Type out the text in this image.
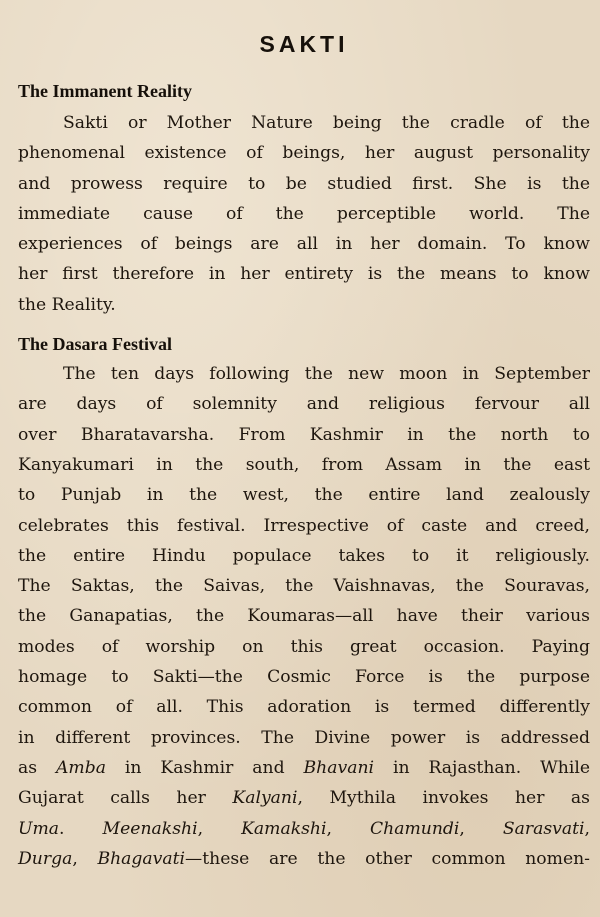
SAKTI
The Immanent Reality
Sakti or Mother Nature being the cradle of the
phenomenal existence of beings, her august personality
and prowess require to be studied first. She is the
immediate cause of the perceptible world. The
experiences of beings are all in her domain. To know
her first therefore in her entirety is the means to know
the Reality.
The Dasara Festival
The ten days following the new moon in September
are days of solemnity and religious fervour all
over Bharatavarsha. From Kashmir in the north to
Kanyakumari in the south, from Assam in the east
to Punjab in the west, the entire land zealously
celebrates this festival. Irrespective of caste and creed,
the entire Hindu populace takes to it religiously.
The Saktas, the Saivas, the Vaishnavas, the Souravas,
the Ganapatias, the Koumaras—all have their various
modes of worship on this great occasion. Paying
homage to Sakti—the Cosmic Force is the purpose
common of all. This adoration is termed differently
in different provinces. The Divine power is addressed
as Amba in Kashmir and Bhavani in Rajasthan. While
Gujarat calls her Kalyani, Mythila invokes her as
Uma. Meenakshi, Kamakshi, Chamundi, Sarasvati,
Durga, Bhagavati—these are the other common nomen-
